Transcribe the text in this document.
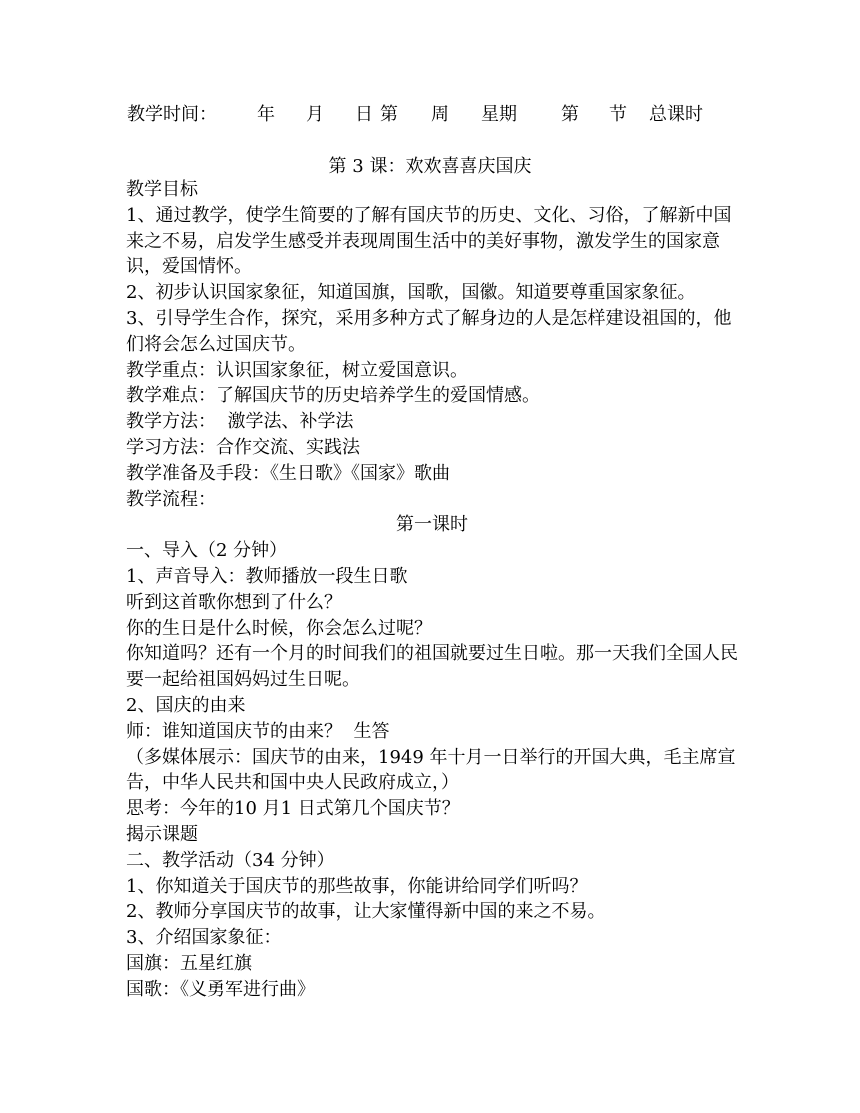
教学时间：

年

月

日

第

周

星期

第

节

总课时

第 3 课：欢欢喜喜庆国庆

教学目标

1、通过教学，使学生简要的了解有国庆节的历史、文化、习俗，了解新中国来之不易，启发学生感受并表现周围生活中的美好事物，激发学生的国家意识，爱国情怀。

2、初步认识国家象征，知道国旗，国歌，国徽。知道要尊重国家象征。

3、引导学生合作，探究，采用多种方式了解身边的人是怎样建设祖国的，他们将会怎么过国庆节。

教学重点：认识国家象征，树立爱国意识。

教学难点：了解国庆节的历史培养学生的爱国情感。

教学方法：  激学法、补学法

学习方法：合作交流、实践法

教学准备及手段：《生日歌》《国家》歌曲

教学流程：

第一课时

一、导入（2 分钟）

1、声音导入：教师播放一段生日歌

听到这首歌你想到了什么？

你的生日是什么时候，你会怎么过呢？

你知道吗？还有一个月的时间我们的祖国就要过生日啦。那一天我们全国人民要一起给祖国妈妈过生日呢。

2、国庆的由来

师：谁知道国庆节的由来？  生答

（多媒体展示：国庆节的由来，1949 年十月一日举行的开国大典，毛主席宣告，中华人民共和国中央人民政府成立，）

思考：今年的10 月1 日式第几个国庆节？

揭示课题

二、教学活动（34 分钟）

1、你知道关于国庆节的那些故事，你能讲给同学们听吗？

2、教师分享国庆节的故事，让大家懂得新中国的来之不易。

3、介绍国家象征：

国旗：五星红旗

国歌：《义勇军进行曲》
